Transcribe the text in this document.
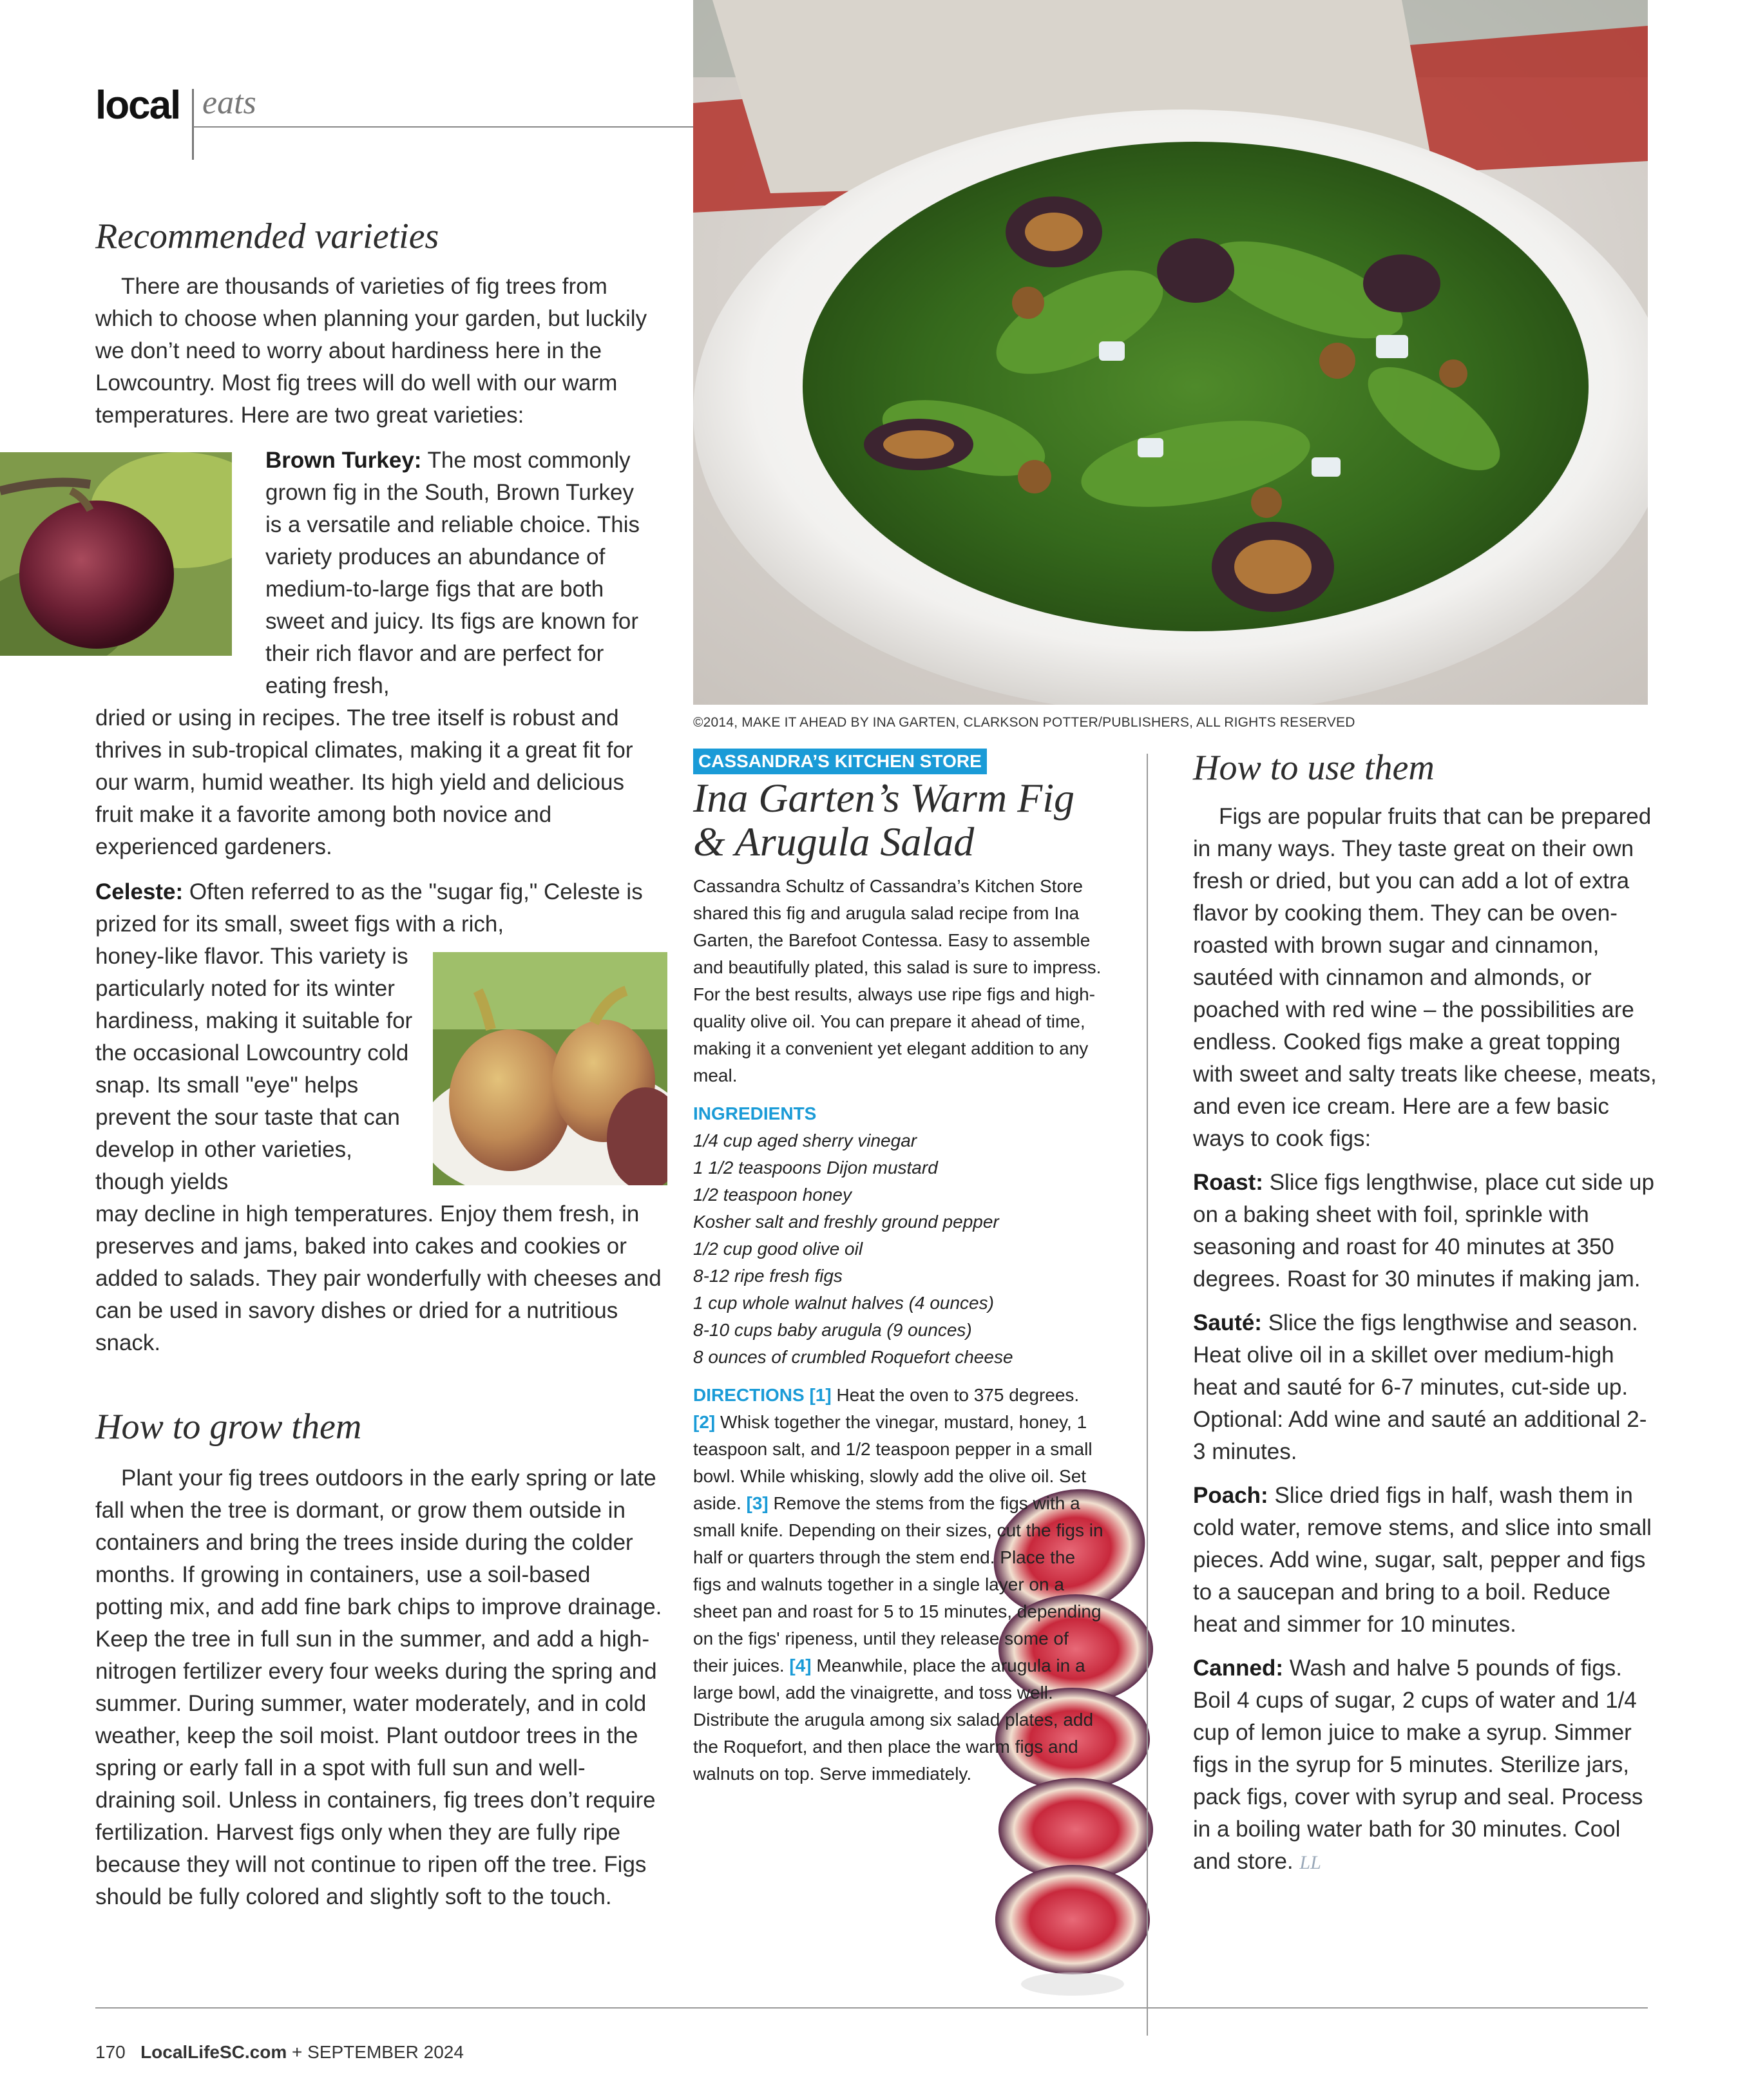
local eats
Recommended varieties

There are thousands of varieties of fig trees from which to choose when planning your garden, but luckily we don’t need to worry about hardiness here in the Lowcountry. Most fig trees will do well with our warm temperatures. Here are two great varieties:

Brown Turkey: The most commonly grown fig in the South, Brown Turkey is a versatile and reliable choice. This variety produces an abundance of medium-to-large figs that are both sweet and juicy. Its figs are known for their rich flavor and are perfect for eating fresh,

dried or using in recipes. The tree itself is robust and thrives in sub-tropical climates, making it a great fit for our warm, humid weather. Its high yield and delicious fruit make it a favorite among both novice and experienced gardeners.

Celeste: Often referred to as the "sugar fig," Celeste is prized for its small, sweet figs with a rich,

honey-like flavor. This variety is particularly noted for its winter hardiness, making it suitable for the occasional Lowcountry cold snap. Its small "eye" helps prevent the sour taste that can develop in other varieties, though yields

may decline in high temperatures. Enjoy them fresh, in preserves and jams, baked into cakes and cookies or added to salads. They pair wonderfully with cheeses and can be used in savory dishes or dried for a nutritious snack.

How to grow them

Plant your fig trees outdoors in the early spring or late fall when the tree is dormant, or grow them outside in containers and bring the trees inside during the colder months. If growing in containers, use a soil-based potting mix, and add fine bark chips to improve drainage. Keep the tree in full sun in the summer, and add a high-nitrogen fertilizer every four weeks during the spring and summer. During summer, water moderately, and in cold weather, keep the soil moist. Plant outdoor trees in the spring or early fall in a spot with full sun and well-draining soil. Unless in containers, fig trees don’t require fertilization. Harvest figs only when they are fully ripe because they will not continue to ripen off the tree. Figs should be fully colored and slightly soft to the touch.

©2014, MAKE IT AHEAD BY INA GARTEN, CLARKSON POTTER/PUBLISHERS, ALL RIGHTS RESERVED
CASSANDRA’S KITCHEN STORE
Ina Garten’s Warm Fig
& Arugula Salad
Cassandra Schultz of Cassandra’s Kitchen Store shared this fig and arugula salad recipe from Ina Garten, the Barefoot Contessa. Easy to assemble and beautifully plated, this salad is sure to impress. For the best results, always use ripe figs and high-quality olive oil. You can prepare it ahead of time, making it a convenient yet elegant addition to any meal.
INGREDIENTS
1/4 cup aged sherry vinegar
1 1/2 teaspoons Dijon mustard
1/2 teaspoon honey
Kosher salt and freshly ground pepper
1/2 cup good olive oil
8-12 ripe fresh figs
1 cup whole walnut halves (4 ounces)
8-10 cups baby arugula (9 ounces)
8 ounces of crumbled Roquefort cheese
DIRECTIONS [1] Heat the oven to 375 degrees. [2] Whisk together the vinegar, mustard, honey, 1 teaspoon salt, and 1/2 teaspoon pepper in a small bowl. While whisking, slowly add the olive oil. Set aside. [3] Remove the stems from the figs with a small knife. Depending on their sizes, cut the figs in half or quarters through the stem end. Place the figs and walnuts together in a single layer on a sheet pan and roast for 5 to 15 minutes, depending on the figs' ripeness, until they release some of their juices. [4] Meanwhile, place the arugula in a large bowl, add the vinaigrette, and toss well. Distribute the arugula among six salad plates, add the Roquefort, and then place the warm figs and walnuts on top. Serve immediately.
How to use them

Figs are popular fruits that can be prepared in many ways. They taste great on their own fresh or dried, but you can add a lot of extra flavor by cooking them. They can be oven-roasted with brown sugar and cinnamon, sautéed with cinnamon and almonds, or poached with red wine – the possibilities are endless. Cooked figs make a great topping with sweet and salty treats like cheese, meats, and even ice cream. Here are a few basic ways to cook figs:

Roast: Slice figs lengthwise, place cut side up on a baking sheet with foil, sprinkle with seasoning and roast for 40 minutes at 350 degrees. Roast for 30 minutes if making jam.

Sauté: Slice the figs lengthwise and season. Heat olive oil in a skillet over medium-high heat and sauté for 6-7 minutes, cut-side up. Optional: Add wine and sauté an additional 2-3 minutes.

Poach: Slice dried figs in half, wash them in cold water, remove stems, and slice into small pieces. Add wine, sugar, salt, pepper and figs to a saucepan and bring to a boil. Reduce heat and simmer for 10 minutes.

Canned: Wash and halve 5 pounds of figs. Boil 4 cups of sugar, 2 cups of water and 1/4 cup of lemon juice to make a syrup. Simmer figs in the syrup for 5 minutes. Sterilize jars, pack figs, cover with syrup and seal. Process in a boiling water bath for 30 minutes. Cool and store. LL

170 LocalLifeSC.com + SEPTEMBER 2024
